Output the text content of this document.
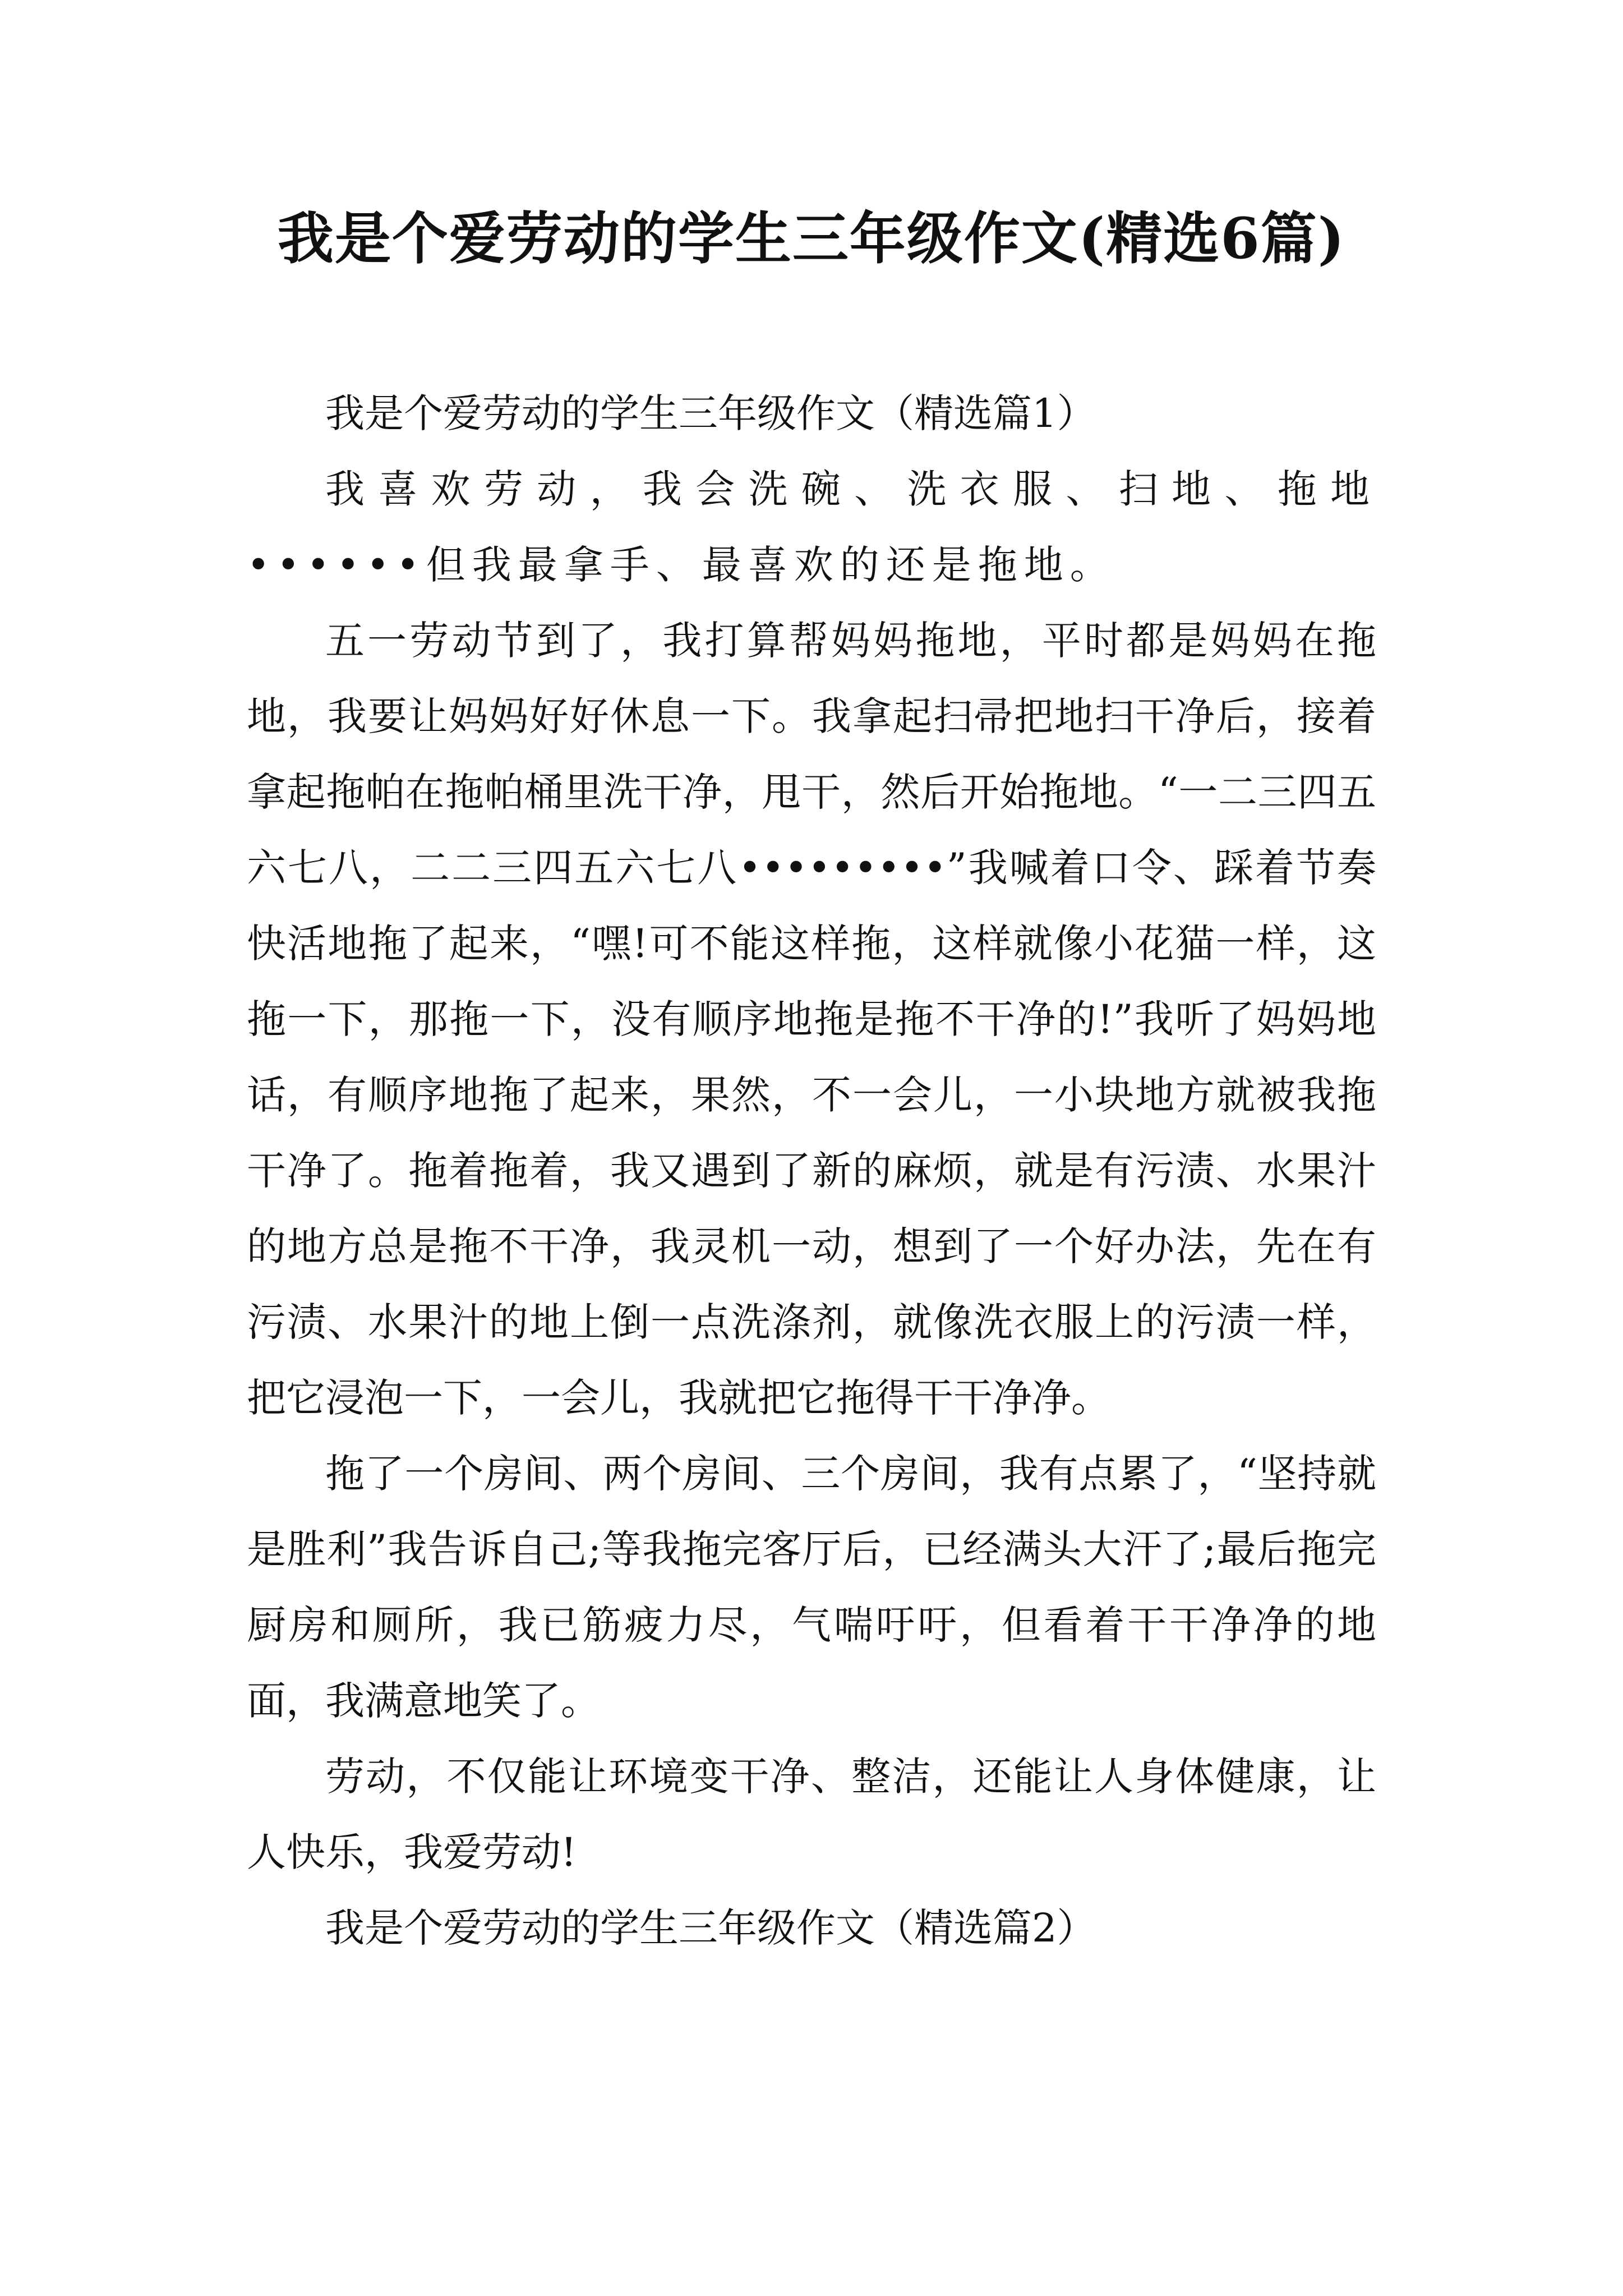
我是个爱劳动的学生三年级作文(精选6篇)

我是个爱劳动的学生三年级作文（精选篇1）

我喜欢劳动，我会洗碗、洗衣服、扫地、拖地••••••但我最拿手、最喜欢的还是拖地。

五一劳动节到了，我打算帮妈妈拖地，平时都是妈妈在拖地，我要让妈妈好好休息一下。我拿起扫帚把地扫干净后，接着拿起拖帕在拖帕桶里洗干净，甩干，然后开始拖地。“一二三四五六七八，二二三四五六七八•••••••••”我喊着口令、踩着节奏快活地拖了起来，“嘿!可不能这样拖，这样就像小花猫一样，这拖一下，那拖一下，没有顺序地拖是拖不干净的!”我听了妈妈地话，有顺序地拖了起来，果然，不一会儿，一小块地方就被我拖干净了。拖着拖着，我又遇到了新的麻烦，就是有污渍、水果汁的地方总是拖不干净，我灵机一动，想到了一个好办法，先在有污渍、水果汁的地上倒一点洗涤剂，就像洗衣服上的污渍一样，把它浸泡一下，一会儿，我就把它拖得干干净净。

拖了一个房间、两个房间、三个房间，我有点累了，“坚持就是胜利”我告诉自己;等我拖完客厅后，已经满头大汗了;最后拖完厨房和厕所，我已筋疲力尽，气喘吁吁，但看着干干净净的地面，我满意地笑了。

劳动，不仅能让环境变干净、整洁，还能让人身体健康，让人快乐，我爱劳动!

我是个爱劳动的学生三年级作文（精选篇2）
